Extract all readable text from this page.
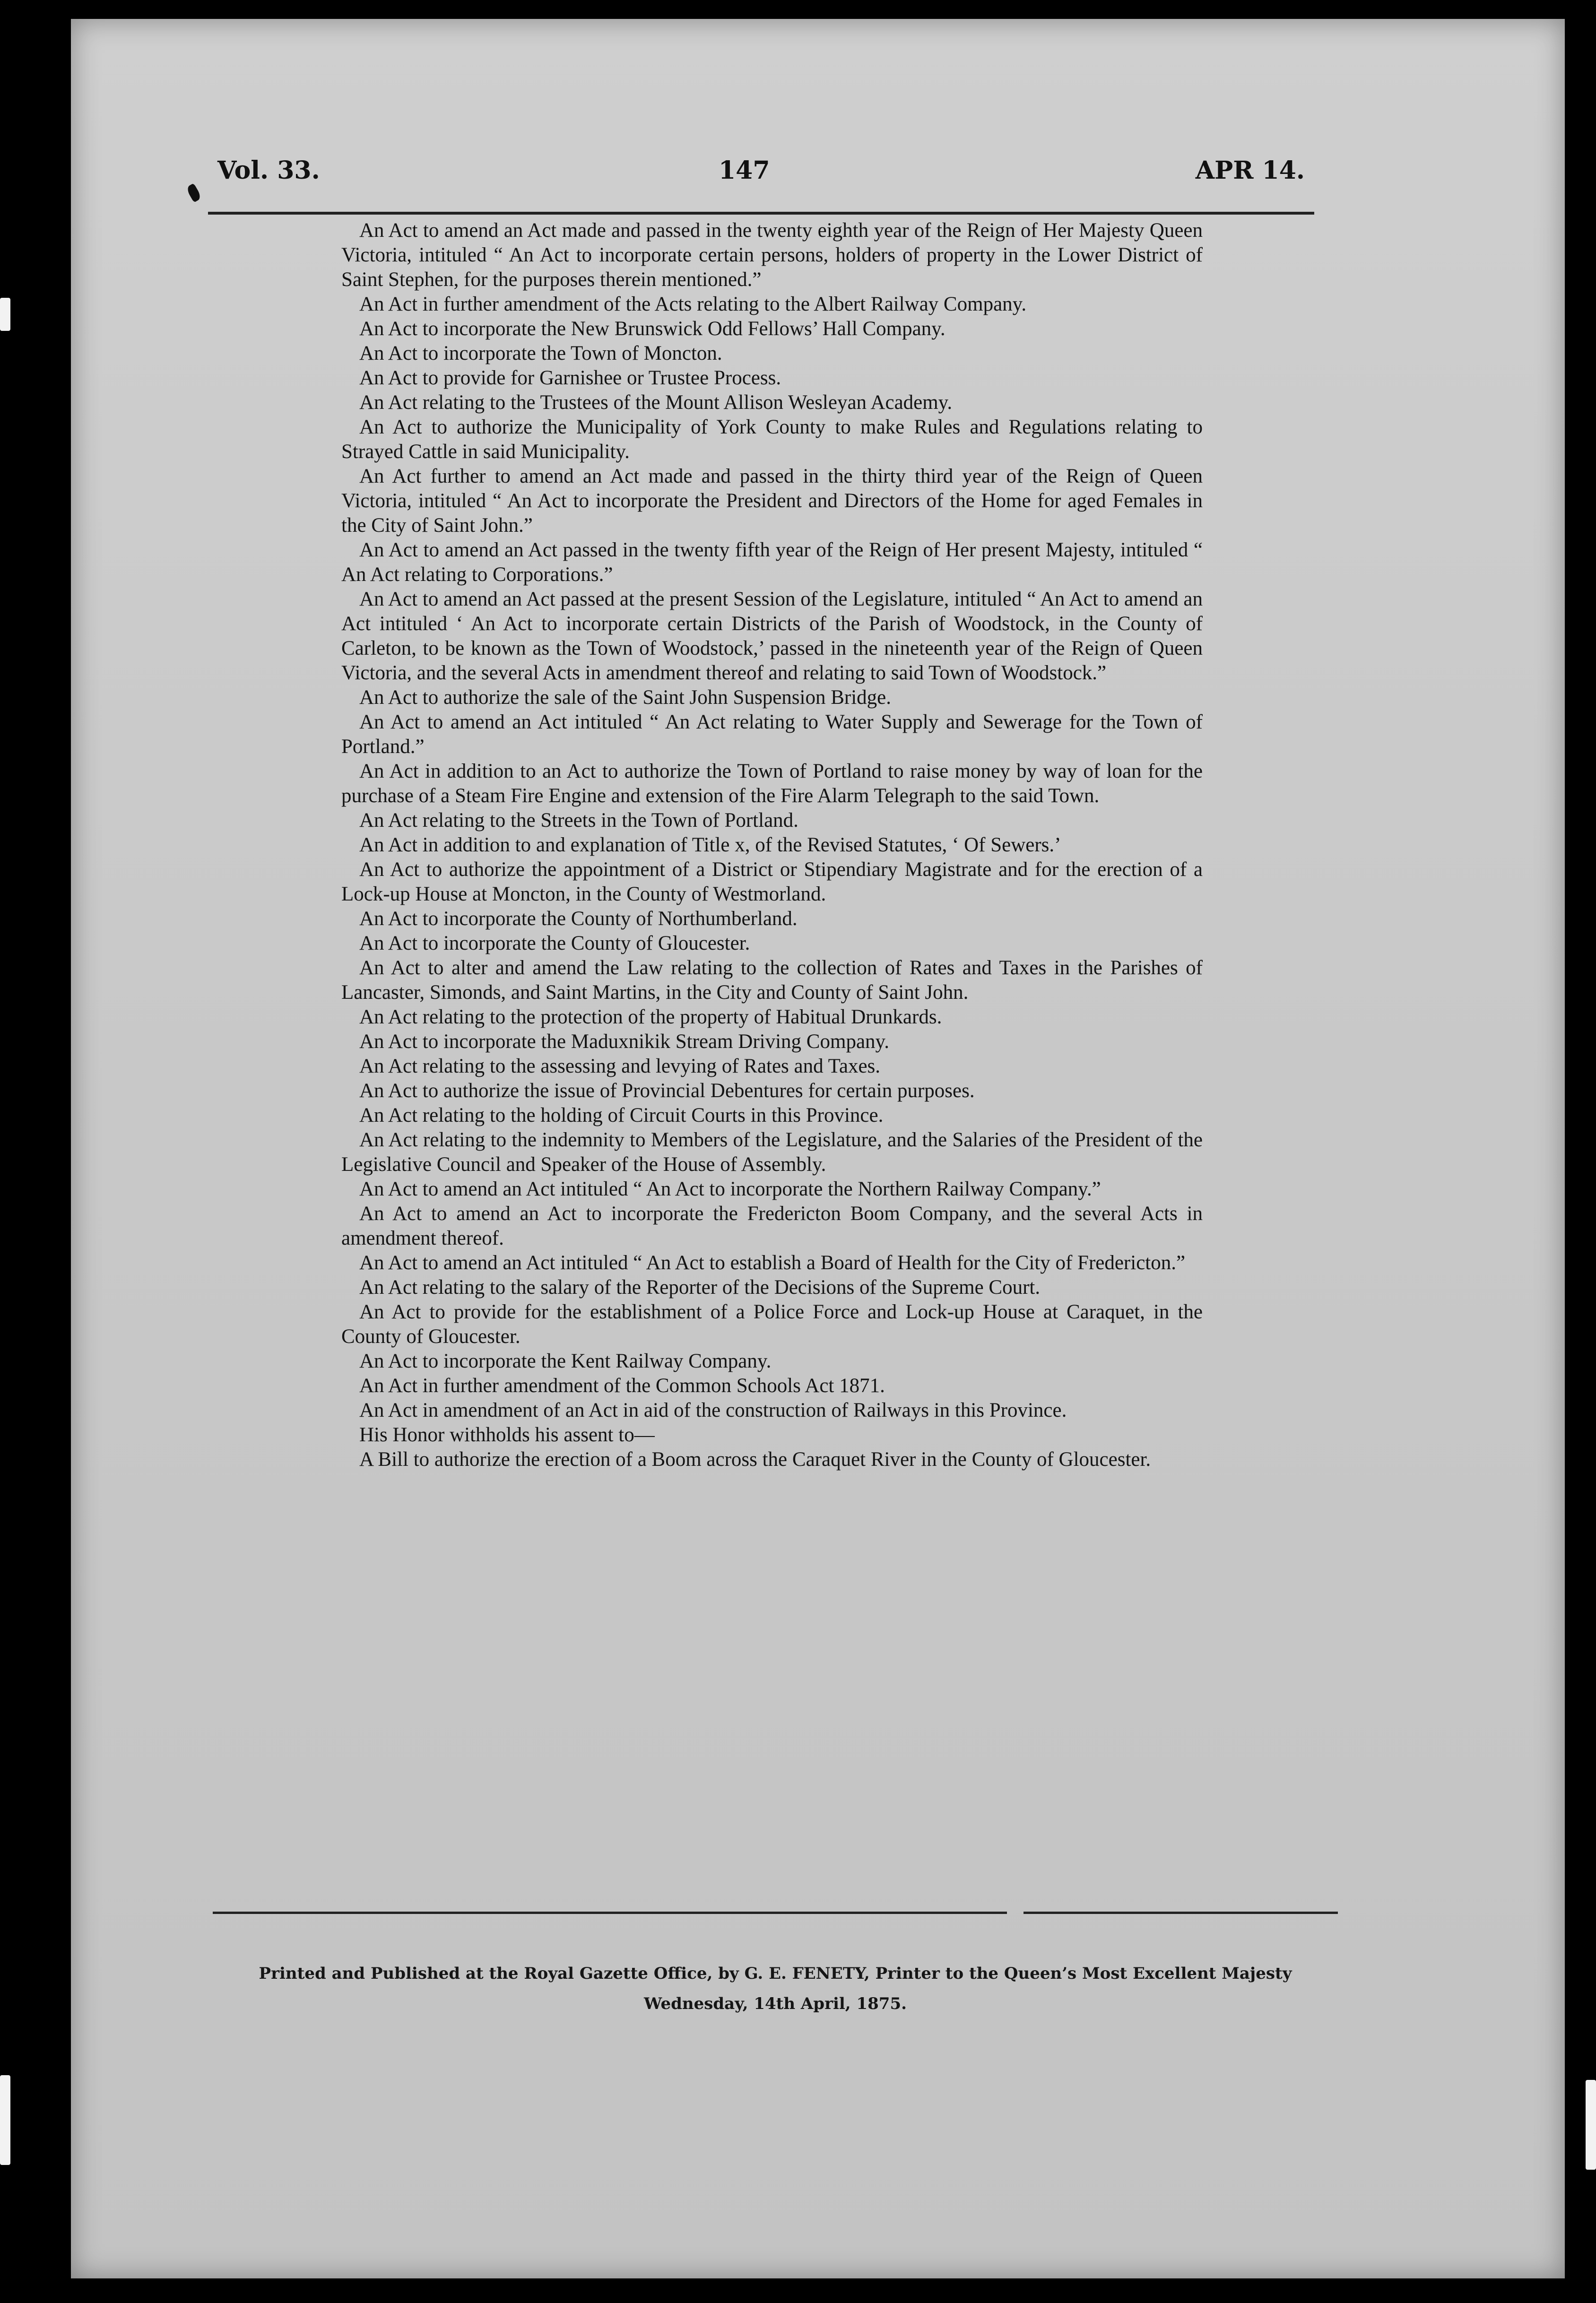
Vol. 33.	147	APR 14.

An Act to amend an Act made and passed in the twenty eighth year of the Reign of Her Majesty Queen Victoria, intituled “ An Act to incorporate certain persons, holders of property in the Lower District of Saint Stephen, for the purposes therein mentioned.”

An Act in further amendment of the Acts relating to the Albert Railway Company.

An Act to incorporate the New Brunswick Odd Fellows’ Hall Company.

An Act to incorporate the Town of Moncton.

An Act to provide for Garnishee or Trustee Process.

An Act relating to the Trustees of the Mount Allison Wesleyan Academy.

An Act to authorize the Municipality of York County to make Rules and Regulations relating to Strayed Cattle in said Municipality.

An Act further to amend an Act made and passed in the thirty third year of the Reign of Queen Victoria, intituled “ An Act to incorporate the President and Directors of the Home for aged Females in the City of Saint John.”

An Act to amend an Act passed in the twenty fifth year of the Reign of Her present Majesty, intituled “ An Act relating to Corporations.”

An Act to amend an Act passed at the present Session of the Legislature, intituled “ An Act to amend an Act intituled ‘ An Act to incorporate certain Districts of the Parish of Woodstock, in the County of Carleton, to be known as the Town of Woodstock,’ passed in the nineteenth year of the Reign of Queen Victoria, and the several Acts in amendment thereof and relating to said Town of Woodstock.”

An Act to authorize the sale of the Saint John Suspension Bridge.

An Act to amend an Act intituled “ An Act relating to Water Supply and Sewerage for the Town of Portland.”

An Act in addition to an Act to authorize the Town of Portland to raise money by way of loan for the purchase of a Steam Fire Engine and extension of the Fire Alarm Telegraph to the said Town.

An Act relating to the Streets in the Town of Portland.

An Act in addition to and explanation of Title x, of the Revised Statutes, ‘ Of Sewers.’

An Act to authorize the appointment of a District or Stipendiary Magistrate and for the erection of a Lock-up House at Moncton, in the County of Westmorland.

An Act to incorporate the County of Northumberland.

An Act to incorporate the County of Gloucester.

An Act to alter and amend the Law relating to the collection of Rates and Taxes in the Parishes of Lancaster, Simonds, and Saint Martins, in the City and County of Saint John.

An Act relating to the protection of the property of Habitual Drunkards.

An Act to incorporate the Maduxnikik Stream Driving Company.

An Act relating to the assessing and levying of Rates and Taxes.

An Act to authorize the issue of Provincial Debentures for certain purposes.

An Act relating to the holding of Circuit Courts in this Province.

An Act relating to the indemnity to Members of the Legislature, and the Salaries of the President of the Legislative Council and Speaker of the House of Assembly.

An Act to amend an Act intituled “ An Act to incorporate the Northern Railway Company.”

An Act to amend an Act to incorporate the Fredericton Boom Company, and the several Acts in amendment thereof.

An Act to amend an Act intituled “ An Act to establish a Board of Health for the City of Fredericton.”

An Act relating to the salary of the Reporter of the Decisions of the Supreme Court.

An Act to provide for the establishment of a Police Force and Lock-up House at Caraquet, in the County of Gloucester.

An Act to incorporate the Kent Railway Company.

An Act in further amendment of the Common Schools Act 1871.

An Act in amendment of an Act in aid of the construction of Railways in this Province.

His Honor withholds his assent to—

A Bill to authorize the erection of a Boom across the Caraquet River in the County of Gloucester.

Printed and Published at the Royal Gazette Office, by G. E. FENETY, Printer to the Queen’s Most Excellent Majesty
Wednesday, 14th April, 1875.
